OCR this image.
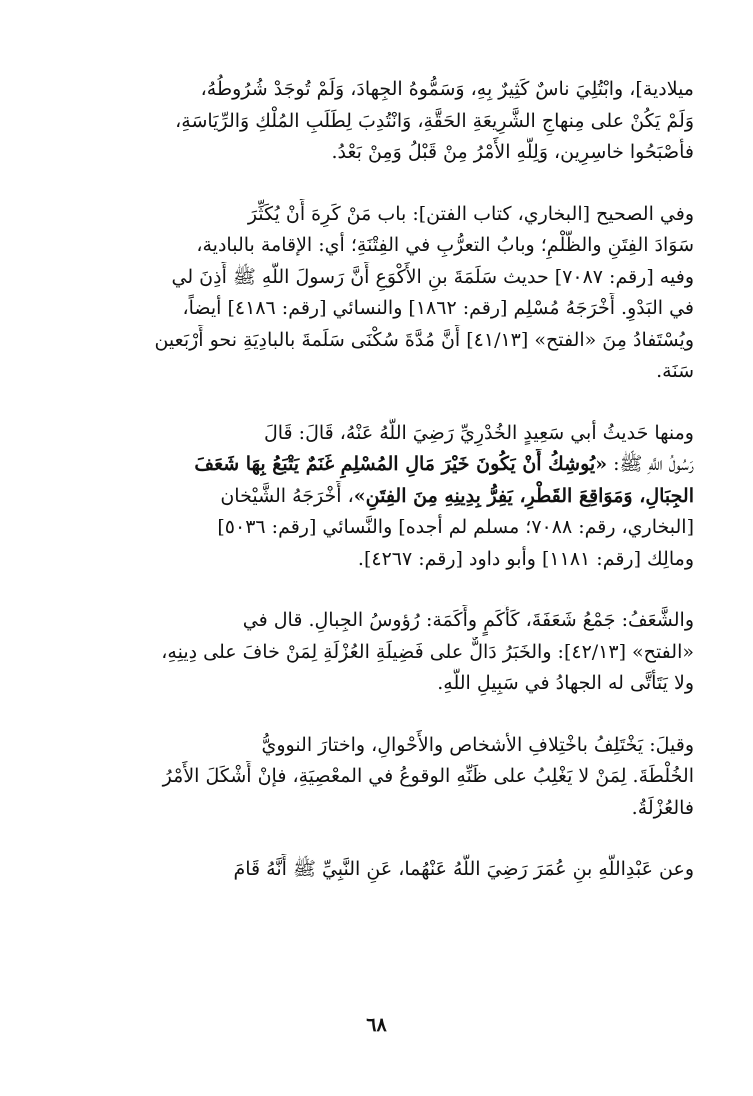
ميلادية]، وابْتُلِيَ ناسٌ كَثِيرٌ بِهِ، وَسَمُّوهُ الجِهادَ، وَلَمْ تُوجَدْ شُرُوطُهُ،
وَلَمْ يَكُنْ على مِنهاجِ الشَّرِيعَةِ الحَقَّةِ، وَانْتُدِبَ لِطَلَبِ المُلْكِ وَالرِّيَاسَةِ،
فأَصْبَحُوا خاسِرِين، وَلِلَّهِ الأَمْرُ مِنْ قَبْلُ وَمِنْ بَعْدُ.
وفي الصحيح [البخاري، كتاب الفتن]: باب مَنْ كَرِهَ أَنْ يُكَثِّرَ
سَوَادَ الفِتَنِ والظُّلْمِ؛ وبابُ التعرُّبِ في الفِتْنَةِ؛ أي: الإقامة بالبادية،
وفيه [رقم: ٧٠٨٧] حديث سَلَمَةَ بنِ الأَكْوَعِ أَنَّ رَسولَ اللَّهِ ﷺ أَذِنَ لي
في البَدْوِ. أَخْرَجَهُ مُسْلِم [رقم: ١٨٦٢] والنسائي [رقم: ٤١٨٦] أيضاً،
ويُسْتَفادُ مِنَ «الفتح» [٤١/١٣] أَنَّ مُدَّةَ سُكْنَى سَلَمةَ بالبادِيَةِ نحو أَرْبَعين
سَنَة.
ومنها حَديثُ أبي سَعِيدٍ الخُدْرِيِّ رَضِيَ اللَّهُ عَنْهُ، قَالَ: قَالَ
رَسُولُ اللَّهِ ﷺ: «يُوشِكُ أَنْ يَكُونَ خَيْرَ مَالِ المُسْلِمِ غَنَمٌ يَتْبَعُ بِهَا شَعَفَ
الجِبَالِ، وَمَوَاقِعَ القَطْرِ، يَفِرُّ بِدِينِهِ مِنَ الفِتَنِ»، أَخْرَجَهُ الشَّيْخان
[البخاري، رقم: ٧٠٨٨؛ مسلم لم أجده] والنَّسائي [رقم: ٥٠٣٦]
ومالِك [رقم: ١١٨١] وأبو داود [رقم: ٤٢٦٧].
والشَّعَفُ: جَمْعُ شَعَفَةَ، كَأَكَمٍ وأَكَمَة: رُؤوسُ الجِبالِ. قال في
«الفتح» [٤٢/١٣]: والخَبَرُ دَالٌّ على فَضِيلَةِ العُزْلَةِ لِمَنْ خافَ على دِينِهِ،
ولا يَتَأَتَّى له الجهادُ في سَبِيلِ اللَّهِ.
وقيلَ: يَخْتَلِفُ باخْتِلافِ الأشخاص والأَحْوالِ، واختارَ النوويُّ
الخُلْطَةَ. لِمَنْ لا يَغْلِبُ على ظَنِّهِ الوقوعُ في المعْصِيَةِ، فإنْ أَشْكَلَ الأَمْرُ
فالعُزْلَةُ.
وعن عَبْدِاللَّهِ بنِ عُمَرَ رَضِيَ اللَّهُ عَنْهُما، عَنِ النَّبِيِّ ﷺ أَنَّهُ قَامَ
٦٨
